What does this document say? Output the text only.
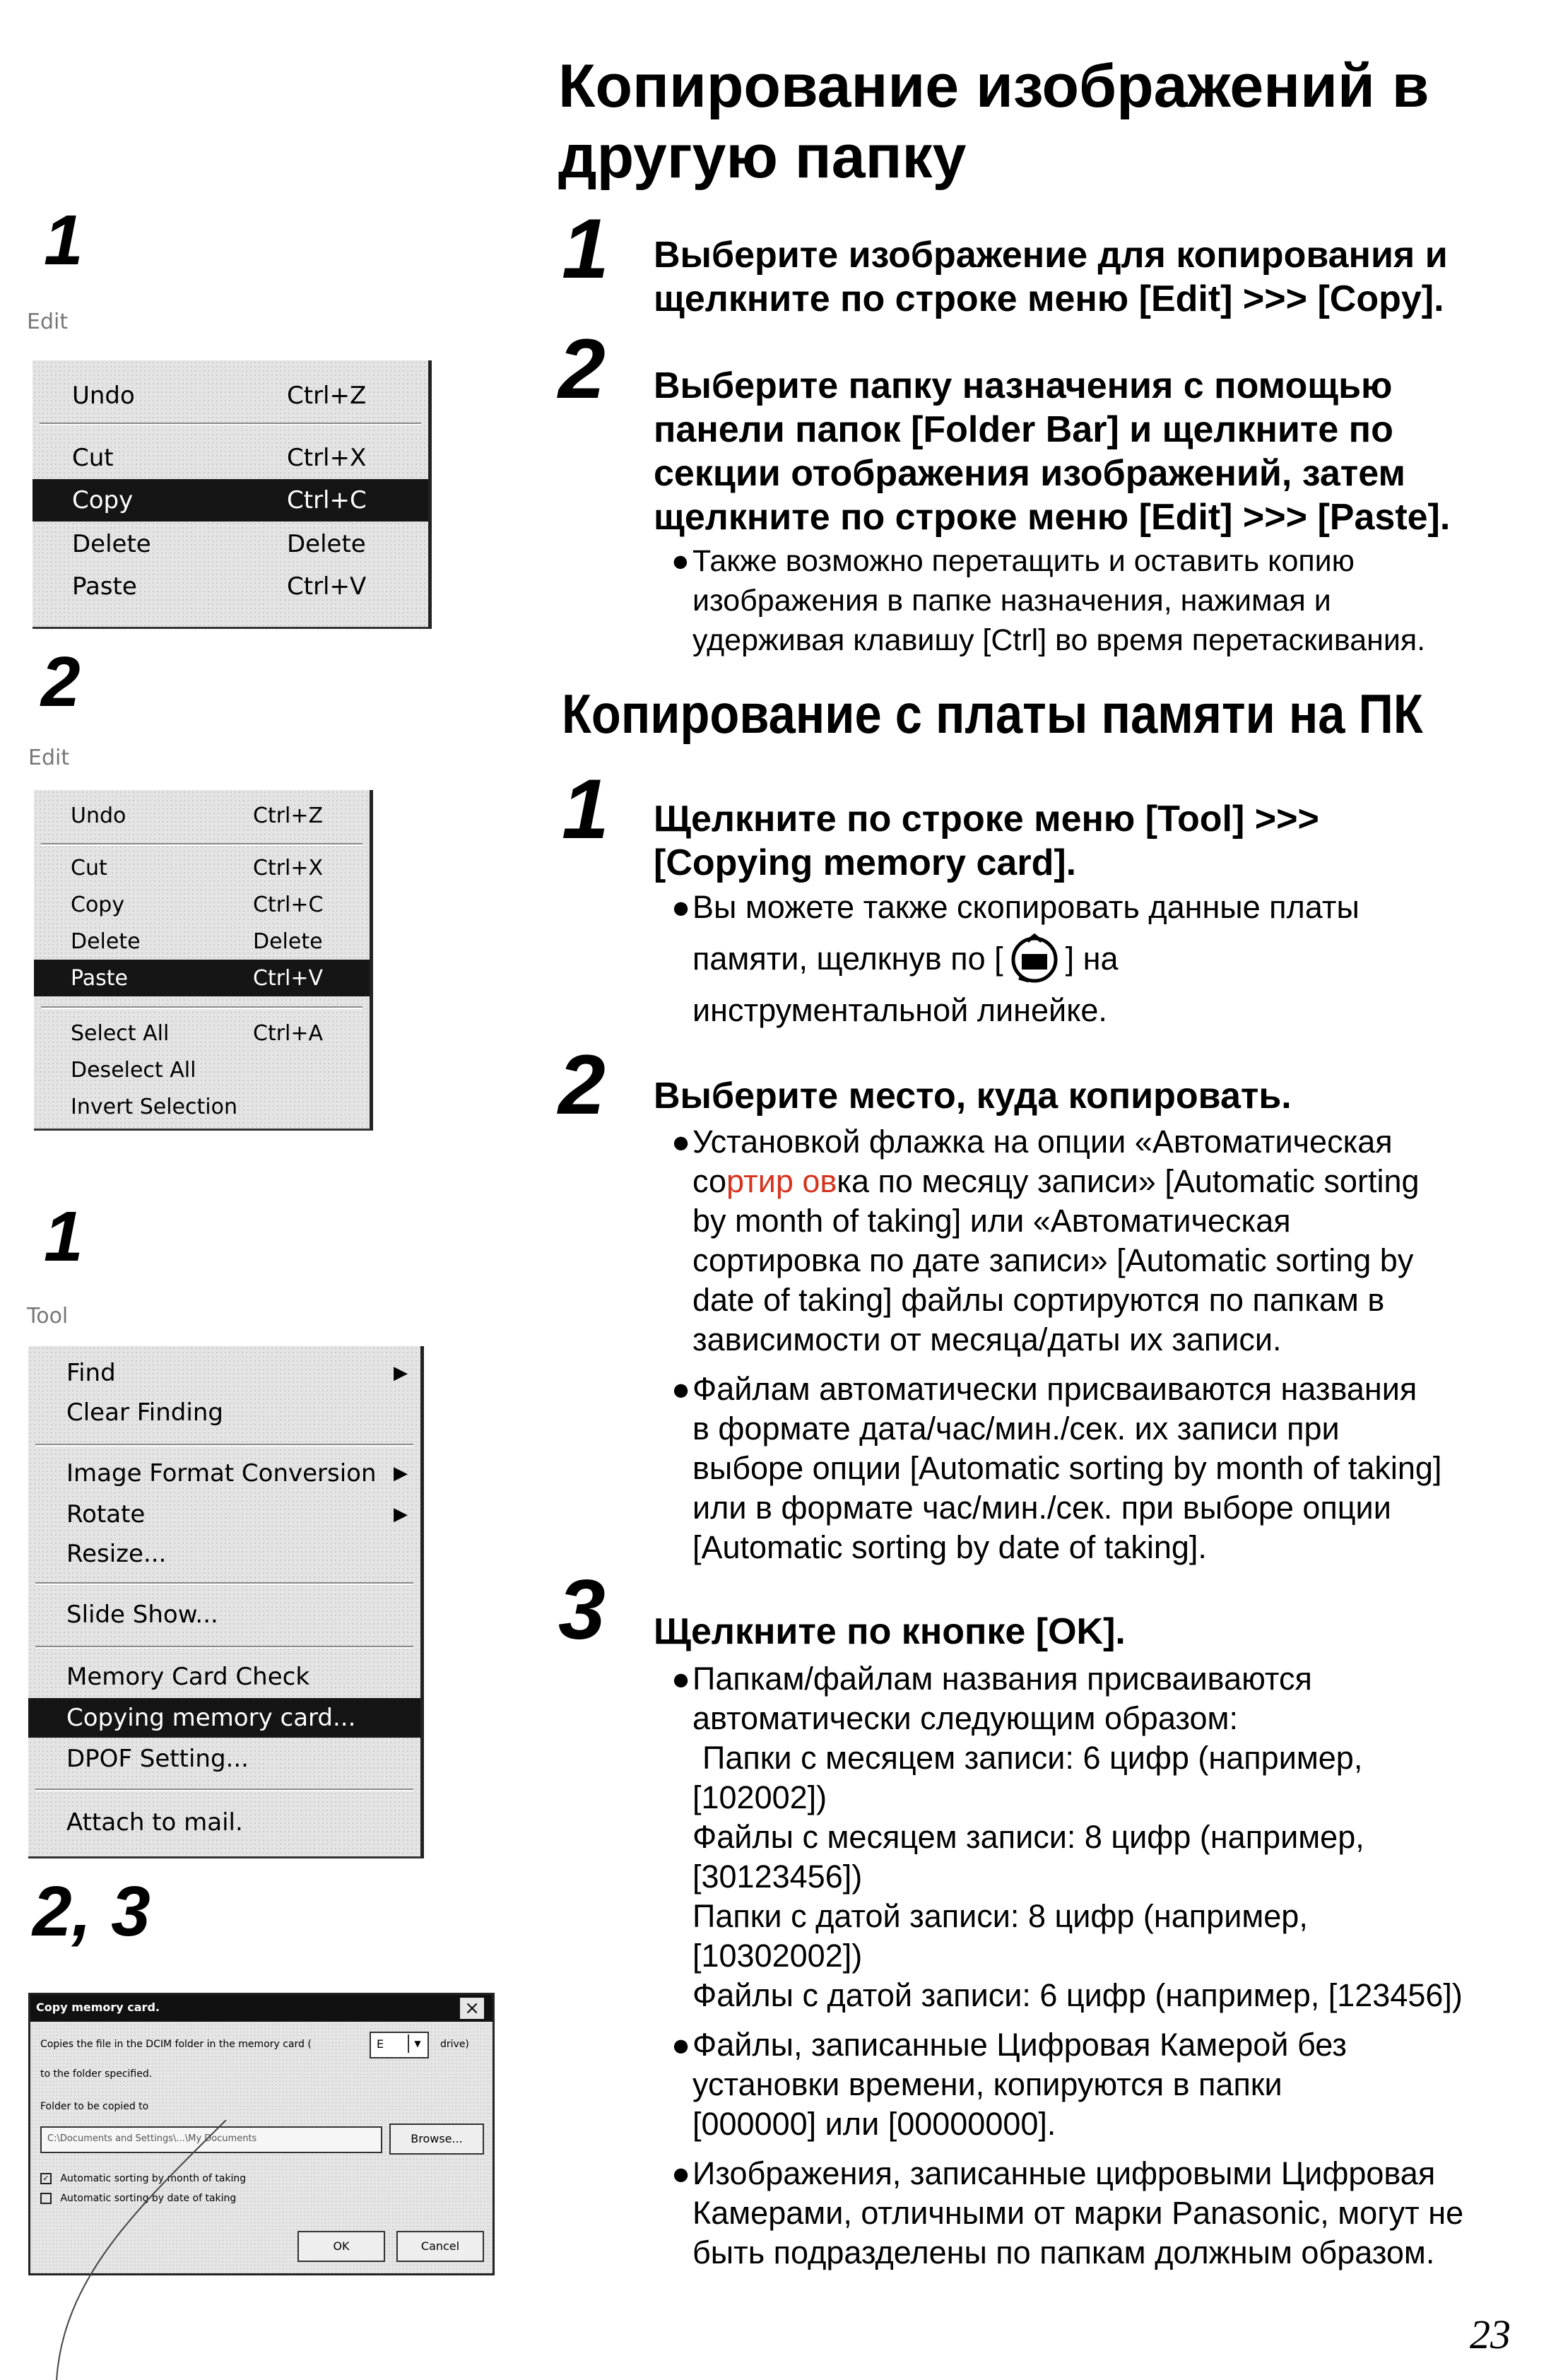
1
Edit
Undo	Ctrl+Z
Cut	Ctrl+X
Copy	Ctrl+C
Delete	Delete
Paste	Ctrl+V
2
Edit
Undo	Ctrl+Z
Cut	Ctrl+X
Copy	Ctrl+C
Delete	Delete
Paste	Ctrl+V
Select All	Ctrl+A
Deselect All
Invert Selection
1
Tool
Find	▶
Clear Finding
Image Format Conversion ▶
Rotate	▶
Resize...
Slide Show...
Memory Card Check
Copying memory card...
DPOF Setting...
Attach to mail.
2, 3
Copy memory card.	×
Copies the file in the DCIM folder in the memory card (	E	▼	drive)
to the folder specified.
Folder to be copied to
C:\Documents and Settings\...\My Documents	Browse...
✓ Automatic sorting by month of taking
Automatic sorting by date of taking
OK	Cancel
Копирование изображений в
другую папку
1 Выберите изображение для копирования и
щелкните по строке меню [Edit] >>> [Copy].
2 Выберите папку назначения с помощью
панели папок [Folder Bar] и щелкните по
секции отображения изображений, затем
щелкните по строке меню [Edit] >>> [Paste].
● Также возможно перетащить и оставить копию
изображения в папке назначения, нажимая и
удерживая клавишу [Ctrl] во время перетаскивания.
Копирование с платы памяти на ПК
1 Щелкните по строке меню [Tool] >>>
[Copying memory card].
● Вы можете также скопировать данные платы
памяти, щелкнув по [ ] на
инструментальной линейке.
2 Выберите место, куда копировать.
● Установкой флажка на опции «Автоматическая
сортир овка по месяцу записи» [Automatic sorting
by month of taking] или «Автоматическая
сортировка по дате записи» [Automatic sorting by
date of taking] файлы сортируются по папкам в
зависимости от месяца/даты их записи.
● Файлам автоматически присваиваются названия
в формате дата/час/мин./сек. их записи при
выборе опции [Automatic sorting by month of taking]
или в формате час/мин./сек. при выборе опции
[Automatic sorting by date of taking].
3 Щелкните по кнопке [OK].
● Папкам/файлам названия присваиваются
автоматически следующим образом:
Папки с месяцем записи: 6 цифр (например,
[102002])
Файлы с месяцем записи: 8 цифр (например,
[30123456])
Папки с датой записи: 8 цифр (например,
[10302002])
Файлы с датой записи: 6 цифр (например, [123456])
● Файлы, записанные Цифровая Камерой без
установки времени, копируются в папки
[000000] или [00000000].
● Изображения, записанные цифровыми Цифровая
Камерами, отличными от марки Panasonic, могут не
быть подразделены по папкам должным образом.
23
